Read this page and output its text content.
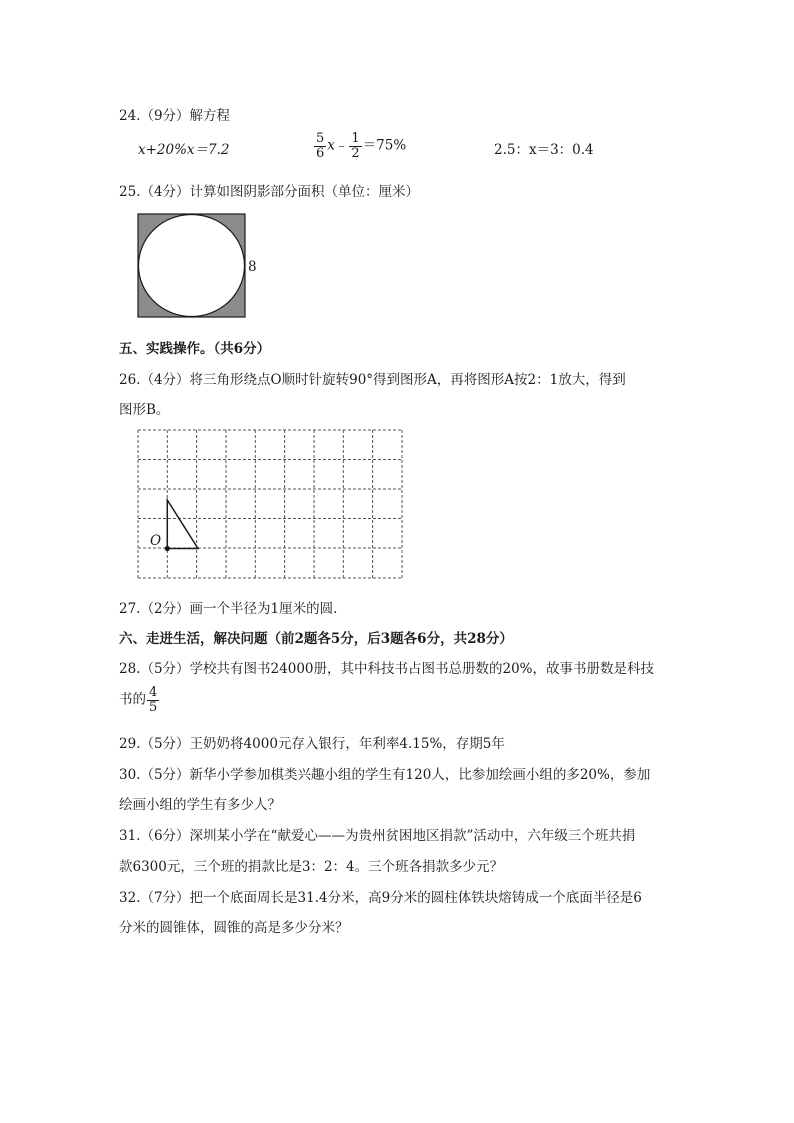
24.（9分）解方程
x+20%x＝7.2	$\frac{5}{6}$ x﹣ $\frac{1}{2} =75\%$	2.5：x＝3：0.4
25.（4分）计算如图阴影部分面积（单位：厘米）
8
五、实践操作。（共6分）
26.（4分）将三角形绕点O顺时针旋转90°得到图形A，再将图形A按2：1放大，得到
图形B。
O
27.（2分）画一个半径为1厘米的圆.
六、走进生活，解决问题（前2题各5分，后3题各6分，共28分）
28.（5分）学校共有图书24000册，其中科技书占图书总册数的20%，故事书册数是科技
书的 $\frac{4}{5}$
29.（5分）王奶奶将4000元存入银行，年利率4.15%，存期5年
30.（5分）新华小学参加棋类兴趣小组的学生有120人，比参加绘画小组的多20%，参加
绘画小组的学生有多少人？
31.（6分）深圳某小学在“献爱心——为贵州贫困地区捐款”活动中，六年级三个班共捐
款6300元，三个班的捐款比是3：2：4。三个班各捐款多少元？
32.（7分）把一个底面周长是31.4分米，高9分米的圆柱体铁块熔铸成一个底面半径是6
分米的圆锥体，圆锥的高是多少分米？
